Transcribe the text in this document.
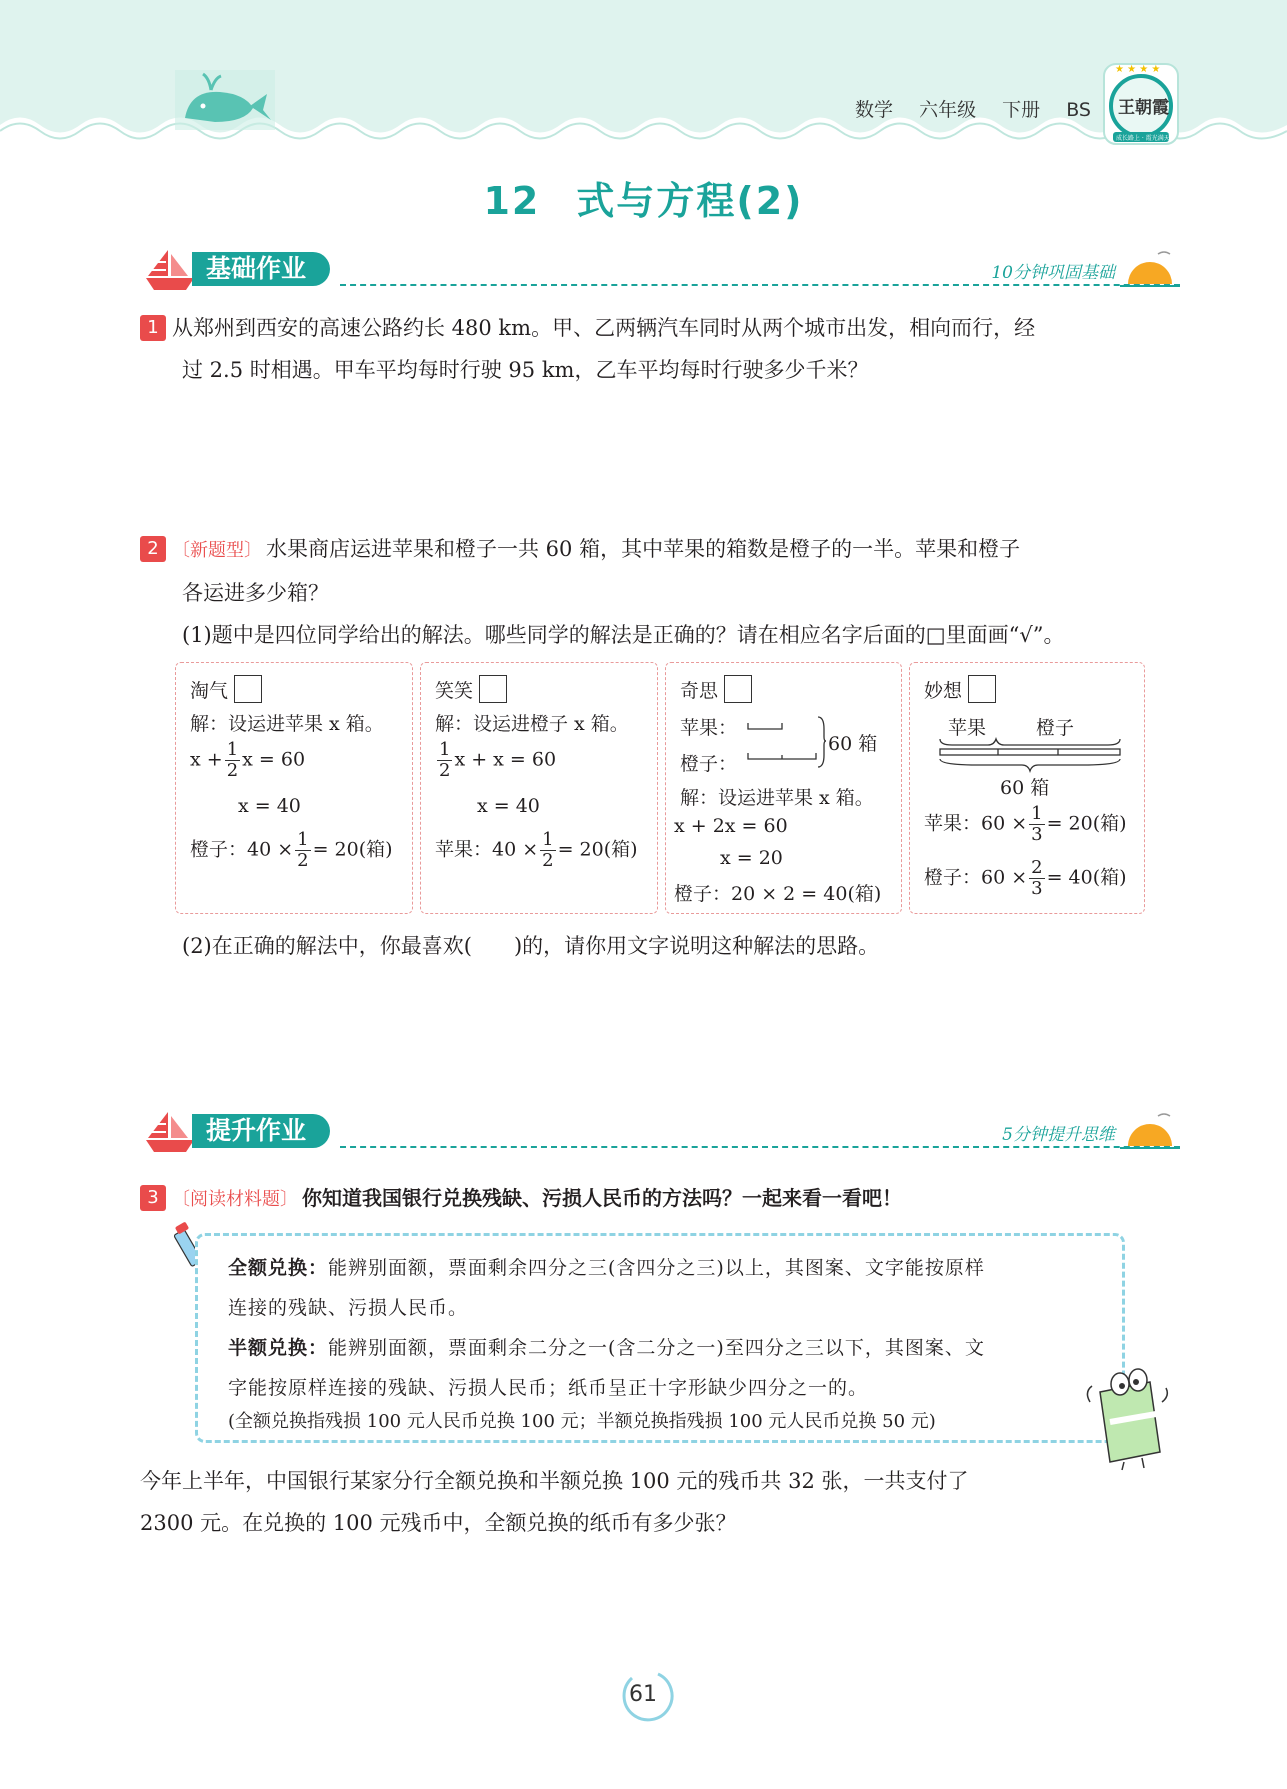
数学 六年级 下册 BS
★ ★ ★ ★
王朝霞
成长路上 · 霞光满天
12 式与方程(2)
基础作业	10分钟巩固基础
1 从郑州到西安的高速公路约长 480 km。甲、乙两辆汽车同时从两个城市出发，相向而行，经
过 2.5 时相遇。甲车平均每时行驶 95 km，乙车平均每时行驶多少千米？
2 〔新题型〕 水果商店运进苹果和橙子一共 60 箱，其中苹果的箱数是橙子的一半。苹果和橙子
各运进多少箱？
(1)题中是四位同学给出的解法。哪些同学的解法是正确的？请在相应名字后面的□里面画“√”。
淘气
解：设运进苹果 x 箱。
$x + \frac{1}{2}$ x = 60
x = 40
橙子：$40 \times \frac{1}{2} = 20$(箱)
笑笑
解：设运进橙子 x 箱。
$\frac{1}{2}$ x + x = 60
x = 40
苹果：$40 \times \frac{1}{2} = 20$(箱)
奇思
苹果：
橙子：
60 箱
解：设运进苹果 x 箱。
x + 2x = 60
x = 20
橙子：20 × 2 = 40(箱)
妙想
苹果	橙子
60 箱
苹果：$60 \times \frac{1}{3} = 20$(箱)
橙子：$60 \times \frac{2}{3} = 40$(箱)
(2)在正确的解法中，你最喜欢(　　)的，请你用文字说明这种解法的思路。
提升作业	5分钟提升思维
3 〔阅读材料题〕 你知道我国银行兑换残缺、污损人民币的方法吗？一起来看一看吧！

全额兑换：能辨别面额，票面剩余四分之三(含四分之三)以上，其图案、文字能按原样

连接的残缺、污损人民币。

半额兑换：能辨别面额，票面剩余二分之一(含二分之一)至四分之三以下，其图案、文

字能按原样连接的残缺、污损人民币；纸币呈正十字形缺少四分之一的。

(全额兑换指残损 100 元人民币兑换 100 元；半额兑换指残损 100 元人民币兑换 50 元)

今年上半年，中国银行某家分行全额兑换和半额兑换 100 元的残币共 32 张，一共支付了
2300 元。在兑换的 100 元残币中，全额兑换的纸币有多少张？
61
